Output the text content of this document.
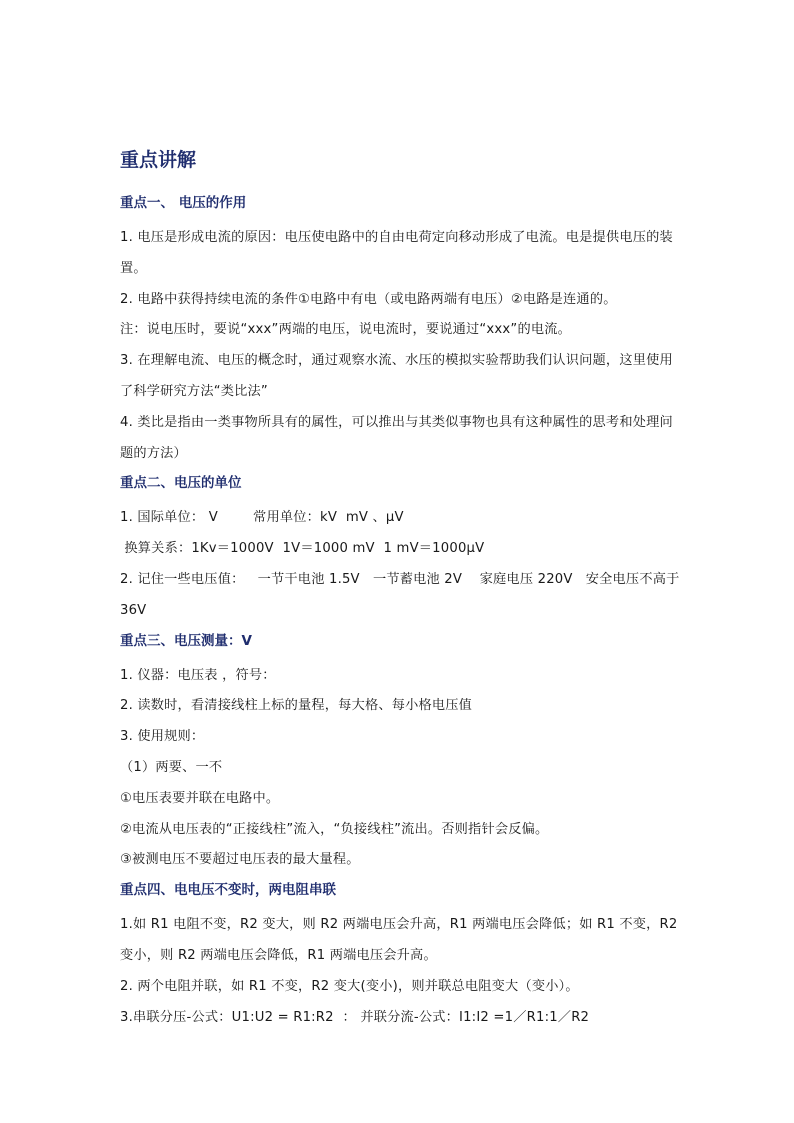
重点讲解
重点一、 电压的作用

1. 电压是形成电流的原因：电压使电路中的自由电荷定向移动形成了电流。电是提供电压的装置。

2. 电路中获得持续电流的条件①电路中有电（或电路两端有电压）②电路是连通的。

注：说电压时，要说“xxx”两端的电压，说电流时，要说通过“xxx”的电流。

3. 在理解电流、电压的概念时，通过观察水流、水压的模拟实验帮助我们认识问题，这里使用了科学研究方法“类比法”

4. 类比是指由一类事物所具有的属性，可以推出与其类似事物也具有这种属性的思考和处理问题的方法）

重点二、电压的单位

1. 国际单位： V        常用单位：kV  mV 、μV

换算关系：1Kv＝1000V  1V＝1000 mV  1 mV＝1000μV

2. 记住一些电压值：   一节干电池 1.5V   一节蓄电池 2V    家庭电压 220V   安全电压不高于 36V

重点三、电压测量：V

1. 仪器：电压表 ，符号：

2. 读数时，看清接线柱上标的量程，每大格、每小格电压值

3. 使用规则：

（1）两要、一不

①电压表要并联在电路中。

②电流从电压表的“正接线柱”流入，“负接线柱”流出。否则指针会反偏。

③被测电压不要超过电压表的最大量程。

重点四、电电压不变时，两电阻串联

1.如 R1 电阻不变，R2 变大，则 R2 两端电压会升高，R1 两端电压会降低；如 R1 不变，R2 变小，则 R2 两端电压会降低，R1 两端电压会升高。

2. 两个电阻并联，如 R1 不变，R2 变大(变小)，则并联总电阻变大（变小）。

3.串联分压-公式：U1:U2 = R1:R2  ： 并联分流-公式：I1:I2 =1／R1:1／R2
